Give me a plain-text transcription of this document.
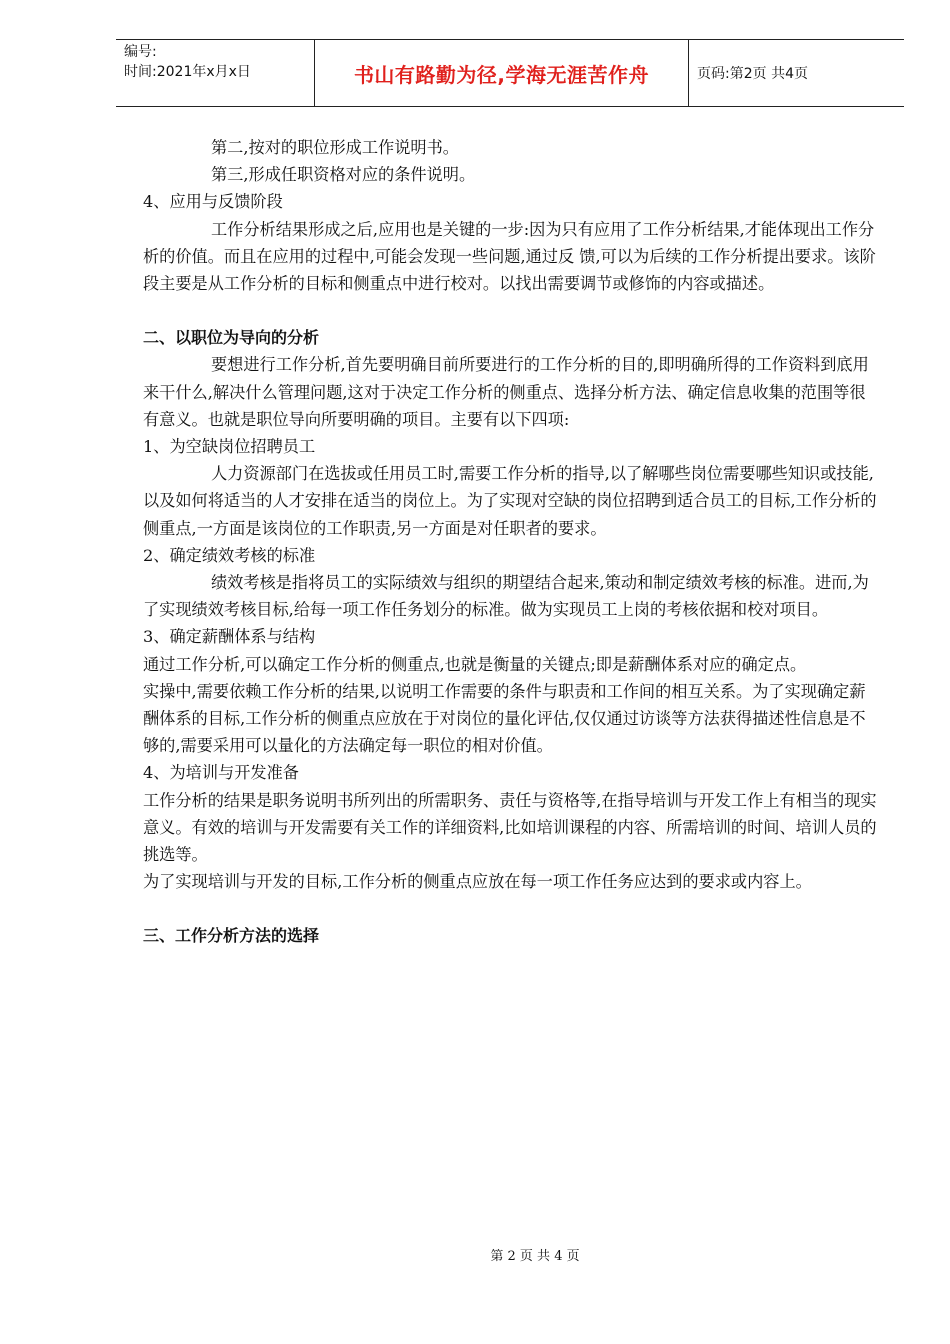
编号:
时间:2021年x月x日	书山有路勤为径,学海无涯苦作舟	页码:第2页 共4页

第二,按对的职位形成工作说明书。

第三,形成任职资格对应的条件说明。

4、应用与反馈阶段

工作分析结果形成之后,应用也是关键的一步:因为只有应用了工作分析结果,才能体现出工作分析的价值。而且在应用的过程中,可能会发现一些问题,通过反 馈,可以为后续的工作分析提出要求。该阶段主要是从工作分析的目标和侧重点中进行校对。以找出需要调节或修饰的内容或描述。

二、以职位为导向的分析

要想进行工作分析,首先要明确目前所要进行的工作分析的目的,即明确所得的工作资料到底用来干什么,解决什么管理问题,这对于决定工作分析的侧重点、选择分析方法、确定信息收集的范围等很有意义。也就是职位导向所要明确的项目。主要有以下四项:

1、为空缺岗位招聘员工

人力资源部门在选拔或任用员工时,需要工作分析的指导,以了解哪些岗位需要哪些知识或技能,以及如何将适当的人才安排在适当的岗位上。为了实现对空缺的岗位招聘到适合员工的目标,工作分析的侧重点,一方面是该岗位的工作职责,另一方面是对任职者的要求。

2、确定绩效考核的标准

绩效考核是指将员工的实际绩效与组织的期望结合起来,策动和制定绩效考核的标准。进而,为了实现绩效考核目标,给每一项工作任务划分的标准。做为实现员工上岗的考核依据和校对项目。

3、确定薪酬体系与结构

通过工作分析,可以确定工作分析的侧重点,也就是衡量的关键点;即是薪酬体系对应的确定点。

实操中,需要依赖工作分析的结果,以说明工作需要的条件与职责和工作间的相互关系。为了实现确定薪酬体系的目标,工作分析的侧重点应放在于对岗位的量化评估,仅仅通过访谈等方法获得描述性信息是不够的,需要采用可以量化的方法确定每一职位的相对价值。

4、为培训与开发准备

工作分析的结果是职务说明书所列出的所需职务、责任与资格等,在指导培训与开发工作上有相当的现实意义。有效的培训与开发需要有关工作的详细资料,比如培训课程的内容、所需培训的时间、培训人员的挑选等。

为了实现培训与开发的目标,工作分析的侧重点应放在每一项工作任务应达到的要求或内容上。

三、工作分析方法的选择

第 2 页 共 4 页
